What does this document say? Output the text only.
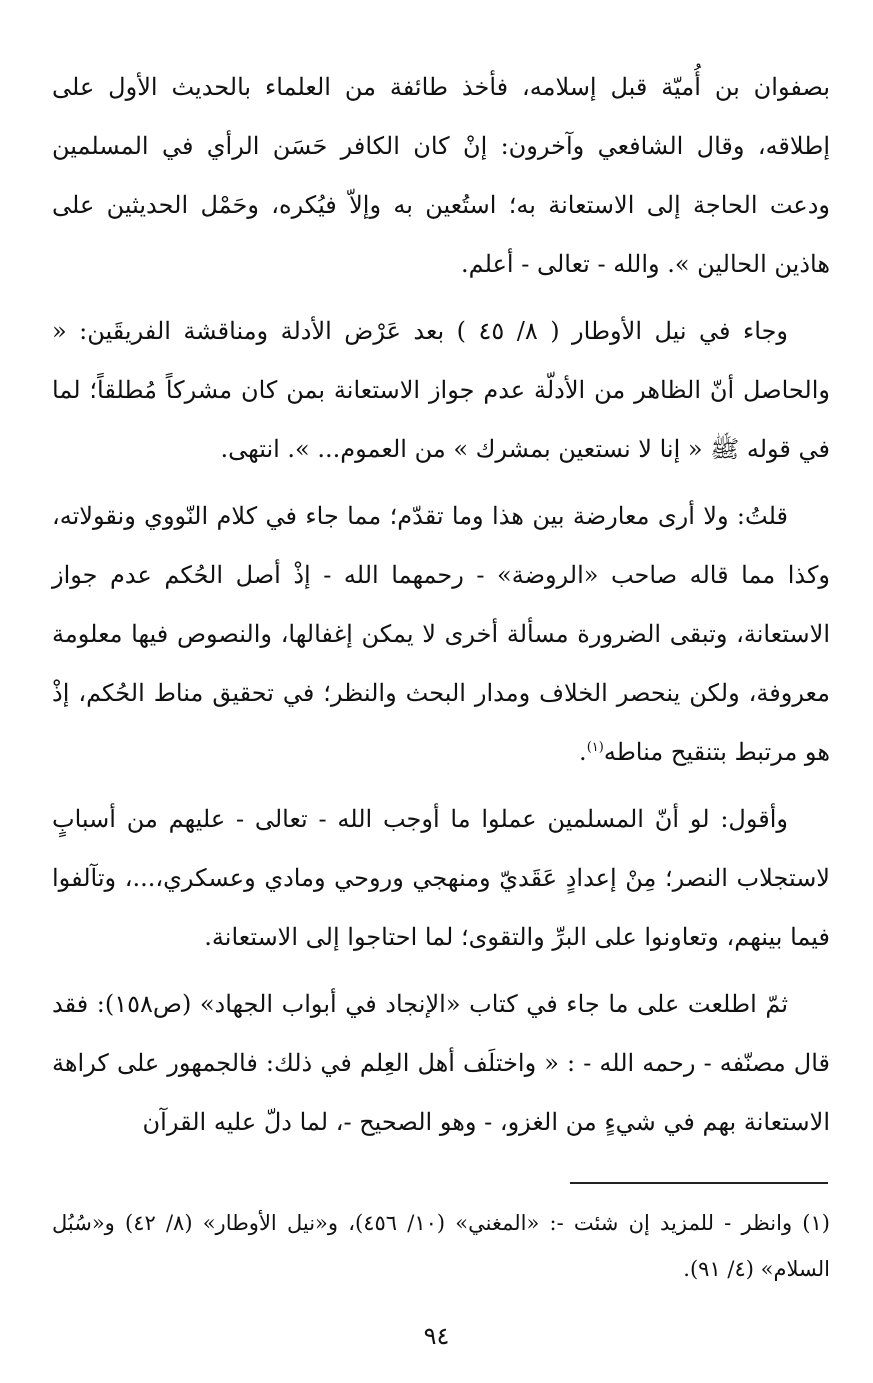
بصفوان بن أُميّة قبل إسلامه، فأخذ طائفة من العلماء بالحديث الأول على إطلاقه، وقال الشافعي وآخرون: إنْ كان الكافر حَسَن الرأي في المسلمين ودعت الحاجة إلى الاستعانة به؛ استُعين به وإلاّ فيُكره، وحَمْل الحديثين على هاذين الحالين ». والله - تعالى - أعلم.

وجاء في نيل الأوطار ( ٨/ ٤٥ ) بعد عَرْض الأدلة ومناقشة الفريقَين: « والحاصل أنّ الظاهر من الأدلّة عدم جواز الاستعانة بمن كان مشركاً مُطلقاً؛ لما في قوله ﷺ « إنا لا نستعين بمشرك » من العموم... ». انتهى.

قلتُ: ولا أرى معارضة بين هذا وما تقدّم؛ مما جاء في كلام النّووي ونقولاته، وكذا مما قاله صاحب «الروضة» - رحمهما الله - إذْ أصل الحُكم عدم جواز الاستعانة، وتبقى الضرورة مسألة أخرى لا يمكن إغفالها، والنصوص فيها معلومة معروفة، ولكن ينحصر الخلاف ومدار البحث والنظر؛ في تحقيق مناط الحُكم، إذْ هو مرتبط بتنقيح مناطه$^{(١)}$.

وأقول: لو أنّ المسلمين عملوا ما أوجب الله - تعالى - عليهم من أسبابٍ لاستجلاب النصر؛ مِنْ إعدادٍ عَقَديّ ومنهجي وروحي ومادي وعسكري،...، وتآلفوا فيما بينهم، وتعاونوا على البرِّ والتقوى؛ لما احتاجوا إلى الاستعانة.

ثمّ اطلعت على ما جاء في كتاب «الإنجاد في أبواب الجهاد» (ص١٥٨): فقد قال مصنّفه - رحمه الله - : « واختلَف أهل العِلم في ذلك: فالجمهور على كراهة الاستعانة بهم في شيءٍ من الغزو، - وهو الصحيح -، لما دلّ عليه القرآن

(١) وانظر - للمزيد إن شئت -: «المغني» (١٠/ ٤٥٦)، و«نيل الأوطار» (٨/ ٤٢) و«سُبُل السلام» (٤/ ٩١).

٩٤
